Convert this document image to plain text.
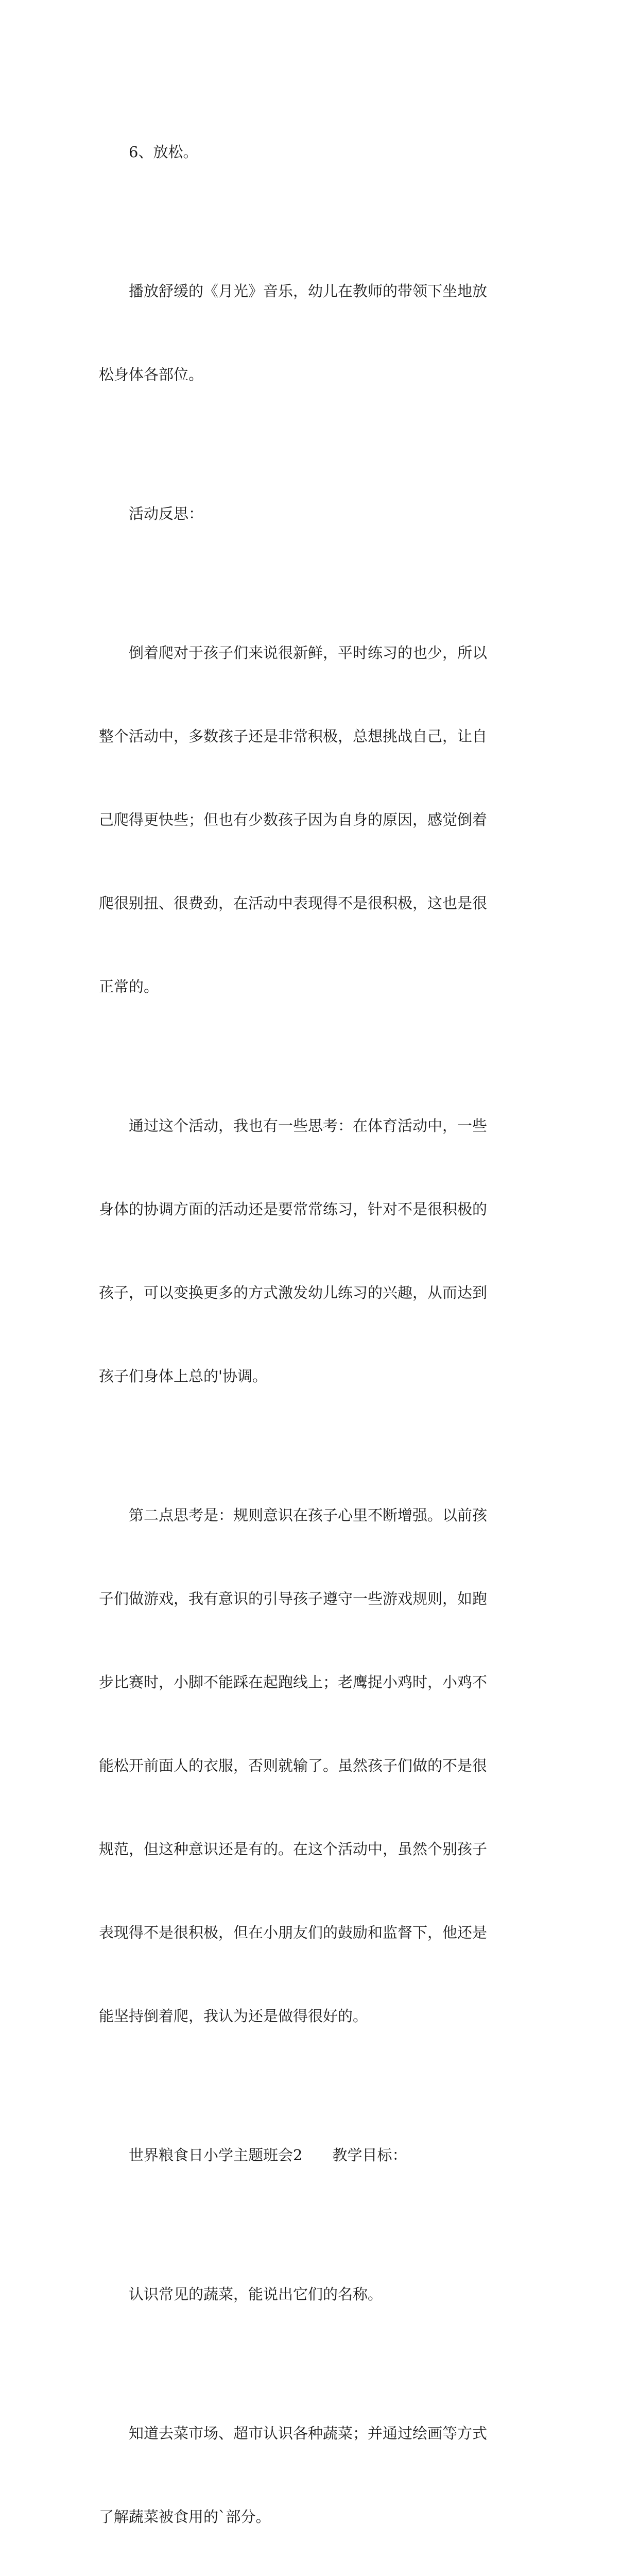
6、放松。

播放舒缓的《月光》音乐，幼儿在教师的带领下坐地放

松身体各部位。

活动反思：

倒着爬对于孩子们来说很新鲜，平时练习的也少，所以

整个活动中，多数孩子还是非常积极，总想挑战自己，让自

己爬得更快些；但也有少数孩子因为自身的原因，感觉倒着

爬很别扭、很费劲，在活动中表现得不是很积极，这也是很

正常的。

通过这个活动，我也有一些思考：在体育活动中，一些

身体的协调方面的活动还是要常常练习，针对不是很积极的

孩子，可以变换更多的方式激发幼儿练习的兴趣，从而达到

孩子们身体上总的'协调。

第二点思考是：规则意识在孩子心里不断增强。以前孩

子们做游戏，我有意识的引导孩子遵守一些游戏规则，如跑

步比赛时，小脚不能踩在起跑线上；老鹰捉小鸡时，小鸡不

能松开前面人的衣服，否则就输了。虽然孩子们做的不是很

规范，但这种意识还是有的。在这个活动中，虽然个别孩子

表现得不是很积极，但在小朋友们的鼓励和监督下，他还是

能坚持倒着爬，我认为还是做得很好的。

世界粮食日小学主题班会2　　教学目标：

认识常见的蔬菜，能说出它们的名称。

知道去菜市场、超市认识各种蔬菜；并通过绘画等方式

了解蔬菜被食用的`部分。
